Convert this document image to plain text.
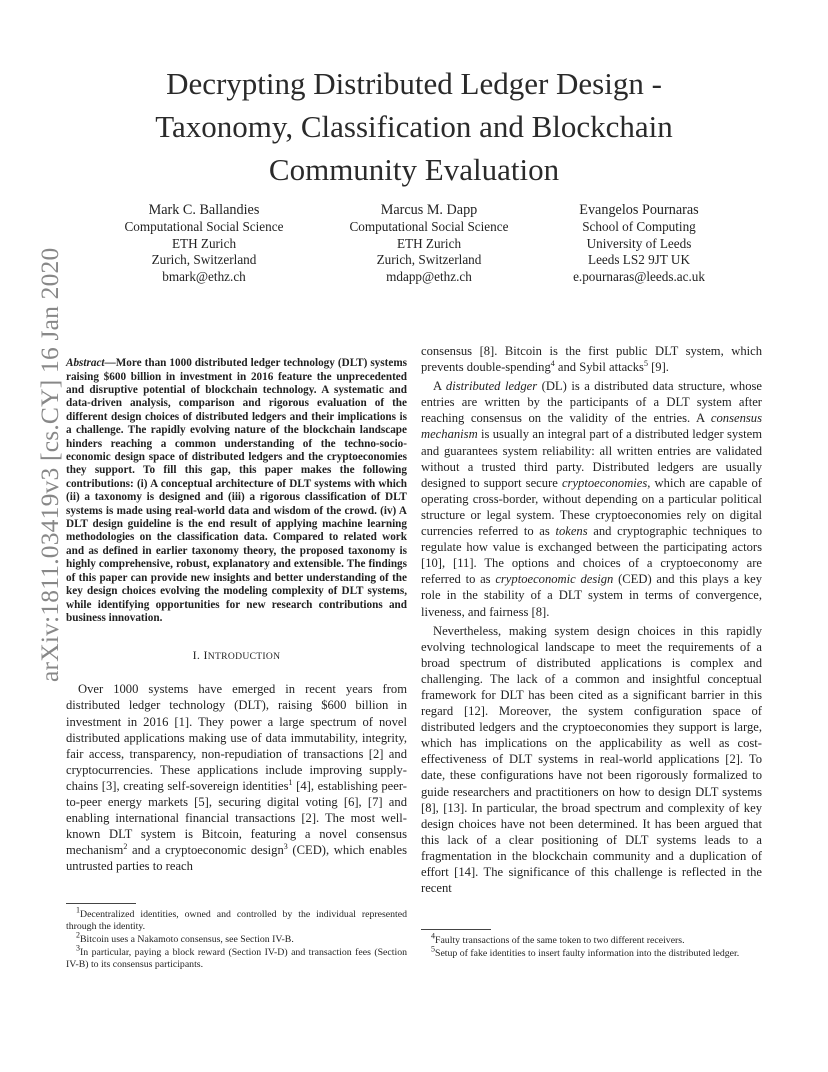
Decrypting Distributed Ledger Design -
Taxonomy, Classification and Blockchain
Community Evaluation
Mark C. Ballandies
Computational Social Science
ETH Zurich
Zurich, Switzerland
bmark@ethz.ch
Marcus M. Dapp
Computational Social Science
ETH Zurich
Zurich, Switzerland
mdapp@ethz.ch
Evangelos Pournaras
School of Computing
University of Leeds
Leeds LS2 9JT UK
e.pournaras@leeds.ac.uk
arXiv:1811.03419v3 [cs.CY] 16 Jan 2020 Abstract—More than 1000 distributed ledger technology (DLT) systems raising $600 billion in investment in 2016 feature the unprecedented and disruptive potential of blockchain technology. A systematic and data-driven analysis, comparison and rigorous evaluation of the different design choices of distributed ledgers and their implications is a challenge. The rapidly evolving nature of the blockchain landscape hinders reaching a common understanding of the techno-socio-economic design space of distributed ledgers and the cryptoeconomies they support. To fill this gap, this paper makes the following contributions: (i) A conceptual architecture of DLT systems with which (ii) a taxonomy is designed and (iii) a rigorous classification of DLT systems is made using real-world data and wisdom of the crowd. (iv) A DLT design guideline is the end result of applying machine learning methodologies on the classification data. Compared to related work and as defined in earlier taxonomy theory, the proposed taxonomy is highly comprehensive, robust, explanatory and extensible. The findings of this paper can provide new insights and better understanding of the key design choices evolving the modeling complexity of DLT systems, while identifying opportunities for new research contributions and business innovation.

I. INTRODUCTION

Over 1000 systems have emerged in recent years from distributed ledger technology (DLT), raising $600 billion in investment in 2016 [1]. They power a large spectrum of novel distributed applications making use of data immutability, integrity, fair access, transparency, non-repudiation of transactions [2] and cryptocurrencies. These applications include improving supply-chains [3], creating self-sovereign identities$^1$ [4], establishing peer-to-peer energy markets [5], securing digital voting [6], [7] and enabling international financial transactions [2]. The most well-known DLT system is Bitcoin, featuring a novel consensus mechanism$^2$ and a cryptoeconomic design$^3$ (CED), which enables untrusted parties to reach

$^1$Decentralized identities, owned and controlled by the individual represented through the identity.

$^2$Bitcoin uses a Nakamoto consensus, see Section IV-B.

$^3$In particular, paying a block reward (Section IV-D) and transaction fees (Section IV-B) to its consensus participants.

consensus [8]. Bitcoin is the first public DLT system, which prevents double-spending$^4$ and Sybil attacks$^5$ [9].

A distributed ledger (DL) is a distributed data structure, whose entries are written by the participants of a DLT system after reaching consensus on the validity of the entries. A consensus mechanism is usually an integral part of a distributed ledger system and guarantees system reliability: all written entries are validated without a trusted third party. Distributed ledgers are usually designed to support secure cryptoeconomies, which are capable of operating cross-border, without depending on a particular political structure or legal system. These cryptoeconomies rely on digital currencies referred to as tokens and cryptographic techniques to regulate how value is exchanged between the participating actors [10], [11]. The options and choices of a cryptoeconomy are referred to as cryptoeconomic design (CED) and this plays a key role in the stability of a DLT system in terms of convergence, liveness, and fairness [8].

Nevertheless, making system design choices in this rapidly evolving technological landscape to meet the requirements of a broad spectrum of distributed applications is complex and challenging. The lack of a common and insightful conceptual framework for DLT has been cited as a significant barrier in this regard [12]. Moreover, the system configuration space of distributed ledgers and the cryptoeconomies they support is large, which has implications on the applicability as well as cost-effectiveness of DLT systems in real-world applications [2]. To date, these configurations have not been rigorously formalized to guide researchers and practitioners on how to design DLT systems [8], [13]. In particular, the broad spectrum and complexity of key design choices have not been determined. It has been argued that this lack of a clear positioning of DLT systems leads to a fragmentation in the blockchain community and a duplication of effort [14]. The significance of this challenge is reflected in the recent

$^4$Faulty transactions of the same token to two different receivers.

$^5$Setup of fake identities to insert faulty information into the distributed ledger.
